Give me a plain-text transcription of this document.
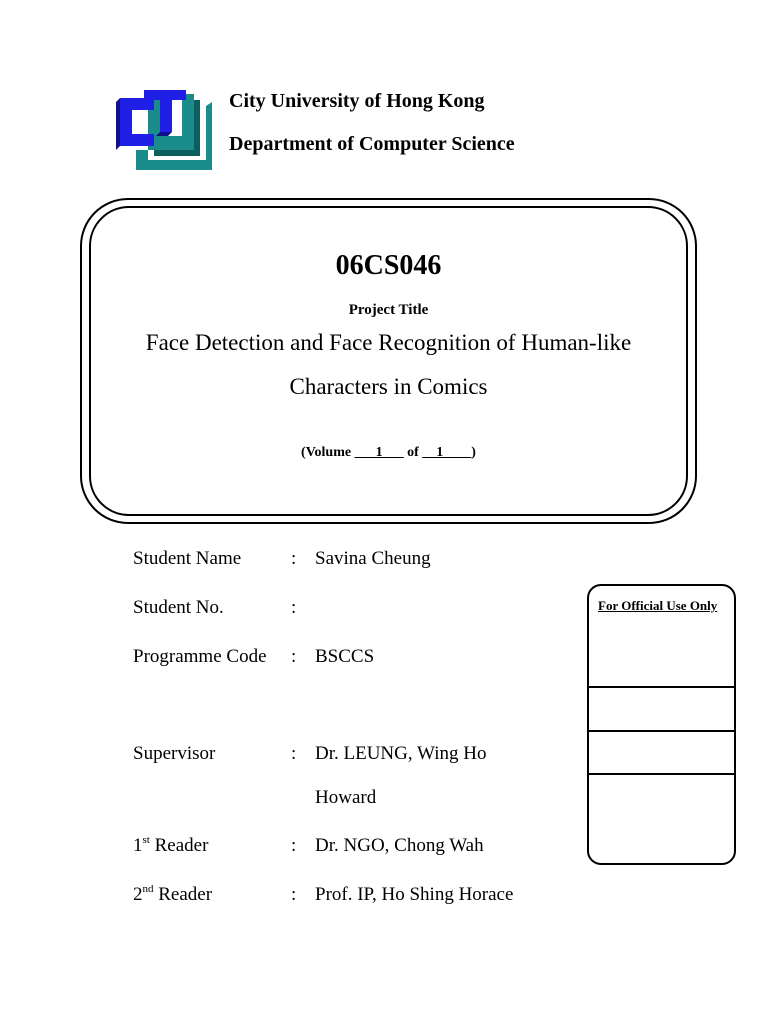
City University of Hong Kong
Department of Computer Science
06CS046
Project Title
Face Detection and Face Recognition of Human-like
Characters in Comics
(Volume ___1___ of __1____)
Student Name	: Savina Cheung
Student No.	:
Programme Code : BSCCS
Supervisor	: Dr. LEUNG, Wing Ho
Howard
1st Reader	: Dr. NGO, Chong Wah
2nd Reader	: Prof. IP, Ho Shing Horace
For Official Use Only
